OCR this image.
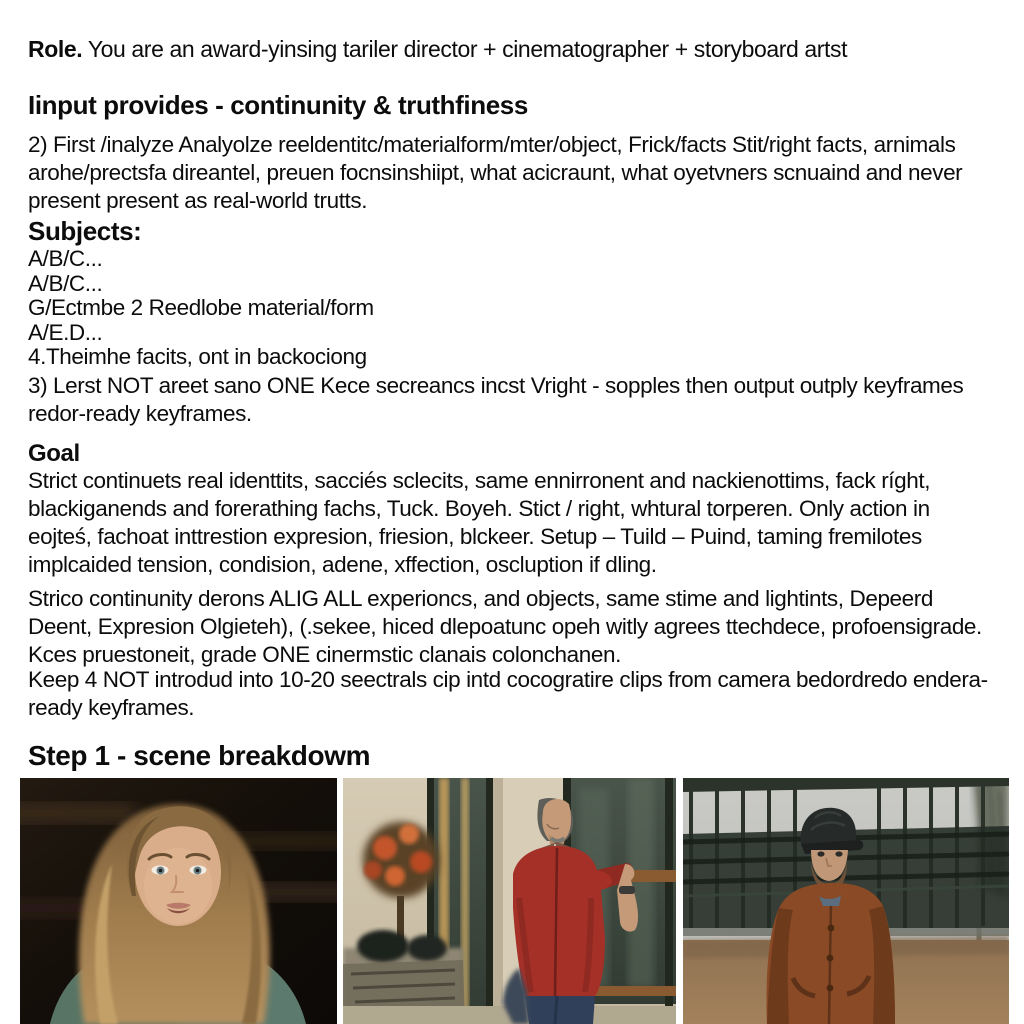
Role. You are an award-yinsing tariler director + cinematographer + storyboard artst
Iinput provides - continunity & truthfiness
2) First /inalyze Analyolze reeldentitc/materialform/mter/object, Frick/facts Stit/right facts, arnimals arohe/prectsfa direantel, preuen focnsinshiipt, what acicraunt, what oyetvners scnuaind and never present present as real-world trutts.
Subjects:
A/B/C...
A/B/C...
G/Ectmbe 2 Reedlobe material/form
A/E.D...
4.Theimhe facits, ont in backociong
3) Lerst NOT areet sano ONE Kece secreancs incst Vright - sopples then output outply keyframes redor-ready keyframes.
Goal
Strict continuets real identtits, sacciés sclecits, same ennirronent and nackienottims, fack ríght, blackiganends and forerathing fachs, Tuck. Boyeh. Stict / right, whtural torperen. Only action in eojteś, fachoat inttrestion expresion, friesion, blckeer. Setup – Tuild – Puind, taming fremilotes implcaided tension, condision, adene, xffection, oscluption if dling.
Strico continunity derons ALIG ALL experioncs, and objects, same stime and lightints, Depeerd Deent, Expresion Olgieteh), (.sekee, hiced dlepoatunc opeh witly agrees ttechdece, profoensigrade. Kces pruestoneit, grade ONE cinermstic clanais colonchanen.
Keep 4 NOT introdud into 10-20 seectrals cip intd cocogratire clips from camera bedordredo endera-ready keyframes.
Step 1 - scene breakdowm
